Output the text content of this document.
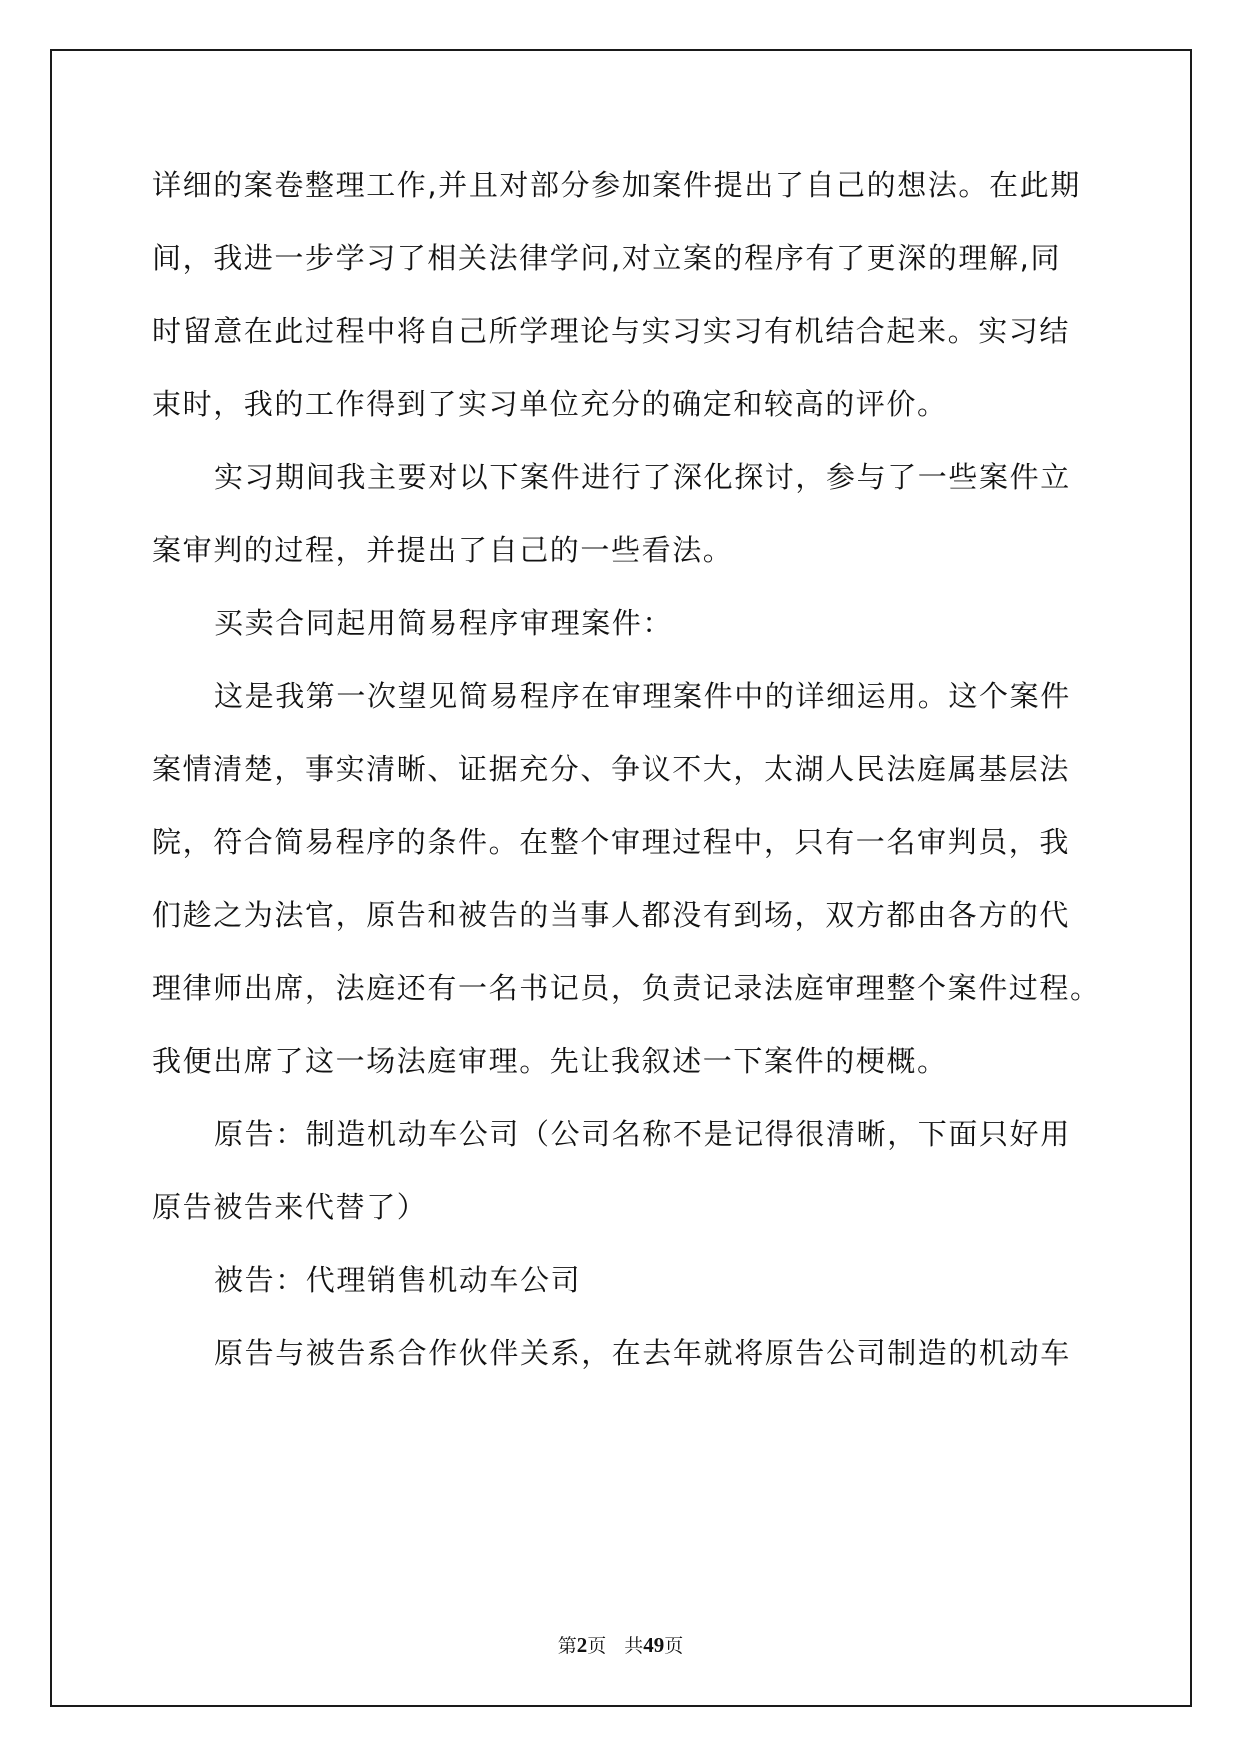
详细的案卷整理工作,并且对部分参加案件提出了自己的想法。在此期
间，我进一步学习了相关法律学问,对立案的程序有了更深的理解,同
时留意在此过程中将自己所学理论与实习实习有机结合起来。实习结
束时，我的工作得到了实习单位充分的确定和较高的评价。
实习期间我主要对以下案件进行了深化探讨，参与了一些案件立
案审判的过程，并提出了自己的一些看法。
买卖合同起用简易程序审理案件：
这是我第一次望见简易程序在审理案件中的详细运用。这个案件
案情清楚，事实清晰、证据充分、争议不大，太湖人民法庭属基层法
院，符合简易程序的条件。在整个审理过程中，只有一名审判员，我
们趁之为法官，原告和被告的当事人都没有到场，双方都由各方的代
理律师出席，法庭还有一名书记员，负责记录法庭审理整个案件过程。
我便出席了这一场法庭审理。先让我叙述一下案件的梗概。
原告：制造机动车公司（公司名称不是记得很清晰，下面只好用
原告被告来代替了）
被告：代理销售机动车公司
原告与被告系合作伙伴关系，在去年就将原告公司制造的机动车
第2页 共49页
